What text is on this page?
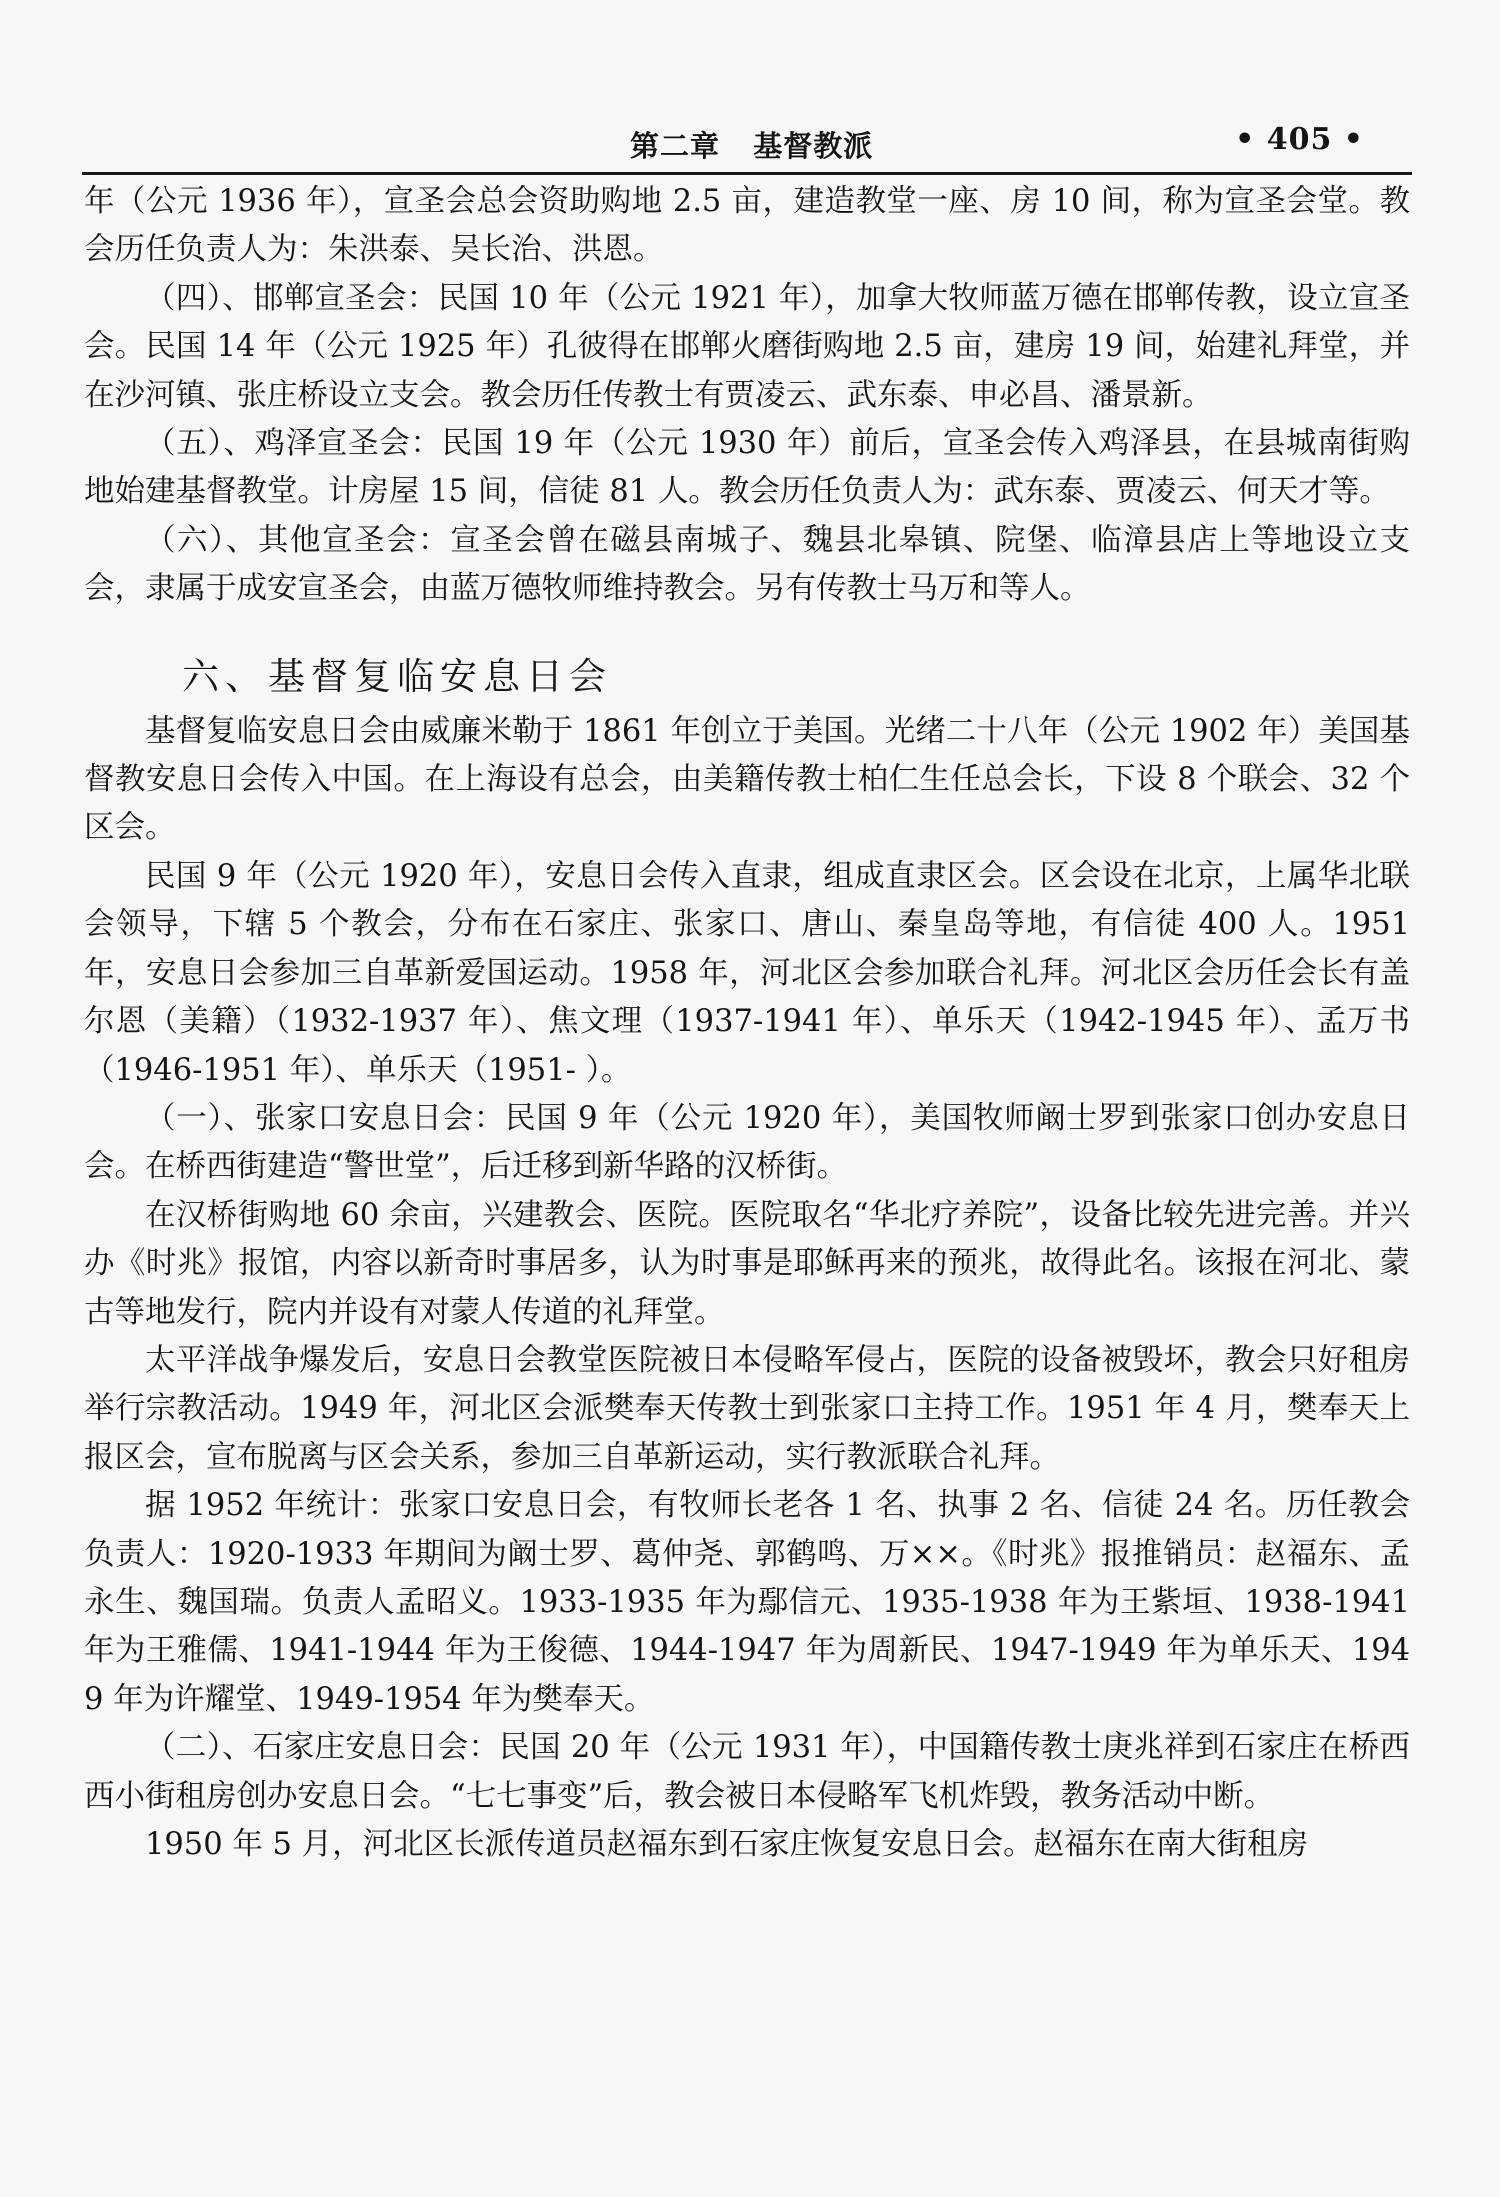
第二章   基督教派	• 405 •

年（公元 1936 年），宣圣会总会资助购地 2.5 亩，建造教堂一座、房 10 间，称为宣圣会堂。教会历任负责人为：朱洪泰、吴长治、洪恩。

（四）、邯郸宣圣会：民国 10 年（公元 1921 年），加拿大牧师蓝万德在邯郸传教，设立宣圣会。民国 14 年（公元 1925 年）孔彼得在邯郸火磨街购地 2.5 亩，建房 19 间，始建礼拜堂，并在沙河镇、张庄桥设立支会。教会历任传教士有贾凌云、武东泰、申必昌、潘景新。

（五）、鸡泽宣圣会：民国 19 年（公元 1930 年）前后，宣圣会传入鸡泽县，在县城南街购地始建基督教堂。计房屋 15 间，信徒 81 人。教会历任负责人为：武东泰、贾凌云、何天才等。

（六）、其他宣圣会：宣圣会曾在磁县南城子、魏县北皋镇、院堡、临漳县店上等地设立支会，隶属于成安宣圣会，由蓝万德牧师维持教会。另有传教士马万和等人。

六、基督复临安息日会

基督复临安息日会由威廉米勒于 1861 年创立于美国。光绪二十八年（公元 1902 年）美国基督教安息日会传入中国。在上海设有总会，由美籍传教士柏仁生任总会长，下设 8 个联会、32 个区会。

民国 9 年（公元 1920 年），安息日会传入直隶，组成直隶区会。区会设在北京，上属华北联会领导，下辖 5 个教会，分布在石家庄、张家口、唐山、秦皇岛等地，有信徒 400 人。1951 年，安息日会参加三自革新爱国运动。1958 年，河北区会参加联合礼拜。河北区会历任会长有盖尔恩（美籍）（1932-1937 年）、焦文理（1937-1941 年）、单乐天（1942-1945 年）、孟万书（1946-1951 年）、单乐天（1951- ）。

（一）、张家口安息日会：民国 9 年（公元 1920 年），美国牧师阚士罗到张家口创办安息日会。在桥西街建造“警世堂”，后迁移到新华路的汉桥街。

在汉桥街购地 60 余亩，兴建教会、医院。医院取名“华北疗养院”，设备比较先进完善。并兴办《时兆》报馆，内容以新奇时事居多，认为时事是耶稣再来的预兆，故得此名。该报在河北、蒙古等地发行，院内并设有对蒙人传道的礼拜堂。

太平洋战争爆发后，安息日会教堂医院被日本侵略军侵占，医院的设备被毁坏，教会只好租房举行宗教活动。1949 年，河北区会派樊奉天传教士到张家口主持工作。1951 年 4 月，樊奉天上报区会，宣布脱离与区会关系，参加三自革新运动，实行教派联合礼拜。

据 1952 年统计：张家口安息日会，有牧师长老各 1 名、执事 2 名、信徒 24 名。历任教会负责人：1920-1933 年期间为阚士罗、葛仲尧、郭鹤鸣、万××。《时兆》报推销员：赵福东、孟永生、魏国瑞。负责人孟昭义。1933-1935 年为鄢信元、1935-1938 年为王紫垣、1938-1941 年为王雅儒、1941-1944 年为王俊德、1944-1947 年为周新民、1947-1949 年为单乐天、1949 年为许耀堂、1949-1954 年为樊奉天。

（二）、石家庄安息日会：民国 20 年（公元 1931 年），中国籍传教士庚兆祥到石家庄在桥西西小街租房创办安息日会。“七七事变”后，教会被日本侵略军飞机炸毁，教务活动中断。

1950 年 5 月，河北区长派传道员赵福东到石家庄恢复安息日会。赵福东在南大街租房
